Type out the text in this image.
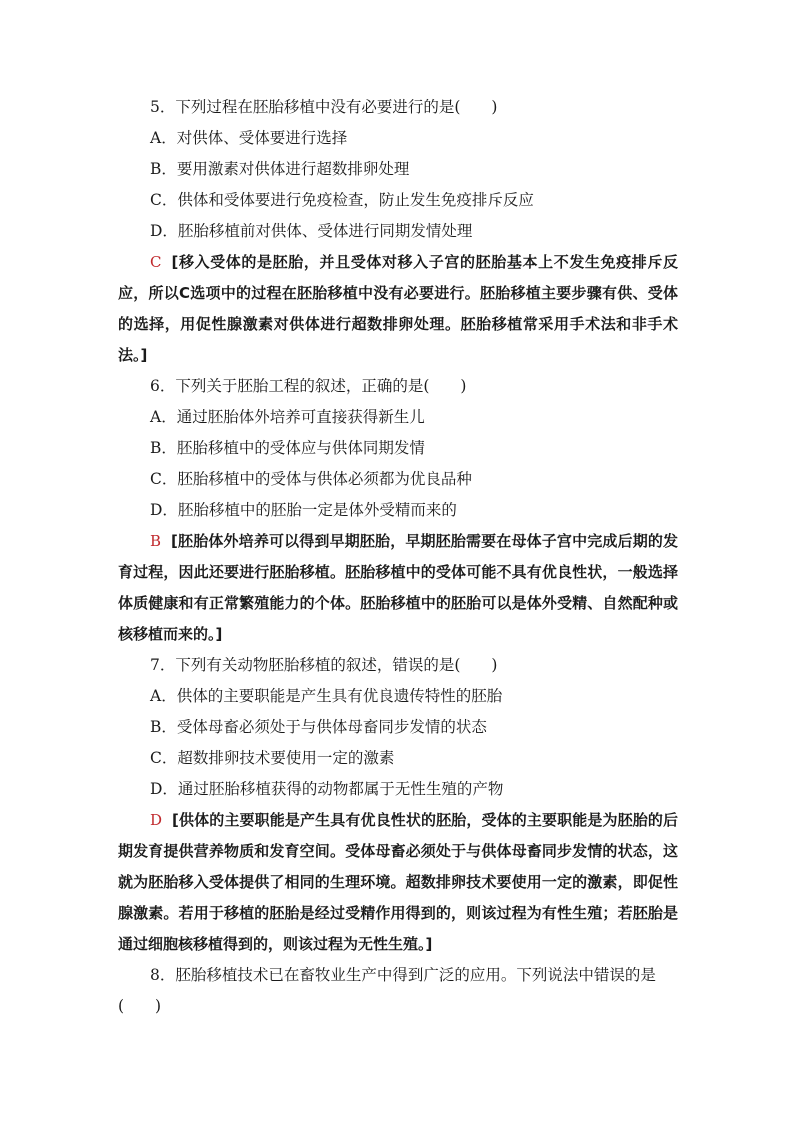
5．下列过程在胚胎移植中没有必要进行的是(　　)
A．对供体、受体要进行选择
B．要用激素对供体进行超数排卵处理
C．供体和受体要进行免疫检查，防止发生免疫排斥反应
D．胚胎移植前对供体、受体进行同期发情处理
C [移入受体的是胚胎，并且受体对移入子宫的胚胎基本上不发生免疫排斥反应，所以C选项中的过程在胚胎移植中没有必要进行。胚胎移植主要步骤有供、受体的选择，用促性腺激素对供体进行超数排卵处理。胚胎移植常采用手术法和非手术法。]
6．下列关于胚胎工程的叙述，正确的是(　　)
A．通过胚胎体外培养可直接获得新生儿
B．胚胎移植中的受体应与供体同期发情
C．胚胎移植中的受体与供体必须都为优良品种
D．胚胎移植中的胚胎一定是体外受精而来的
B [胚胎体外培养可以得到早期胚胎，早期胚胎需要在母体子宫中完成后期的发育过程，因此还要进行胚胎移植。胚胎移植中的受体可能不具有优良性状，一般选择体质健康和有正常繁殖能力的个体。胚胎移植中的胚胎可以是体外受精、自然配种或核移植而来的。]
7．下列有关动物胚胎移植的叙述，错误的是(　　)
A．供体的主要职能是产生具有优良遗传特性的胚胎
B．受体母畜必须处于与供体母畜同步发情的状态
C．超数排卵技术要使用一定的激素
D．通过胚胎移植获得的动物都属于无性生殖的产物
D [供体的主要职能是产生具有优良性状的胚胎，受体的主要职能是为胚胎的后期发育提供营养物质和发育空间。受体母畜必须处于与供体母畜同步发情的状态，这就为胚胎移入受体提供了相同的生理环境。超数排卵技术要使用一定的激素，即促性腺激素。若用于移植的胚胎是经过受精作用得到的，则该过程为有性生殖；若胚胎是通过细胞核移植得到的，则该过程为无性生殖。]
8．胚胎移植技术已在畜牧业生产中得到广泛的应用。下列说法中错误的是(　　)
